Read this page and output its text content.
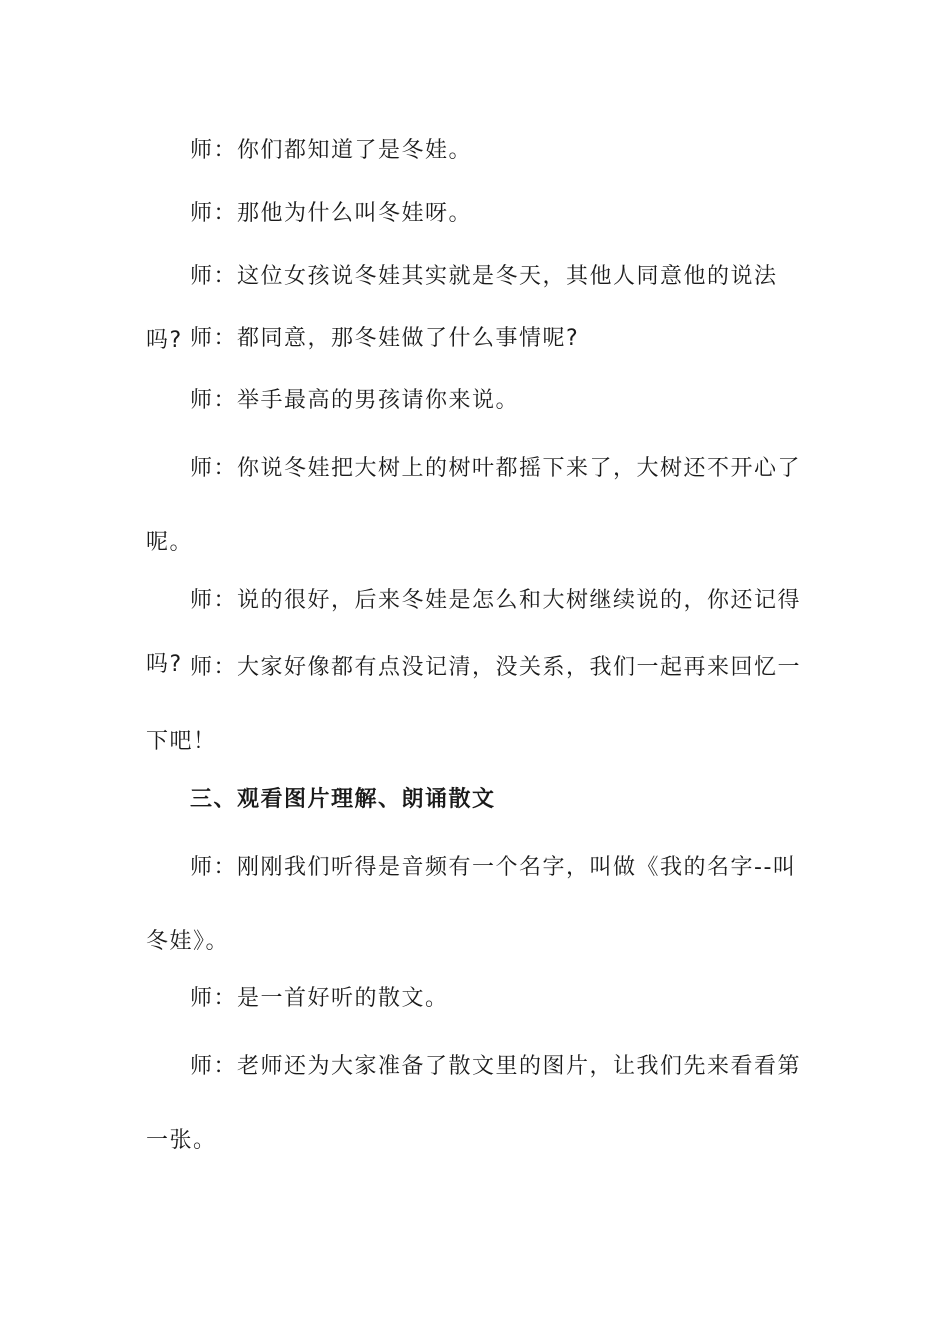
师：你们都知道了是冬娃。

师：那他为什么叫冬娃呀。

师：这位女孩说冬娃其实就是冬天，其他人同意他的说法吗? 师：都同意，那冬娃做了什么事情呢?

师：举手最高的男孩请你来说。

师：你说冬娃把大树上的树叶都摇下来了，大树还不开心了呢。

师：说的很好，后来冬娃是怎么和大树继续说的，你还记得吗? 师：大家好像都有点没记清，没关系，我们一起再来回忆一下吧！

三、观看图片理解、朗诵散文

师：刚刚我们听得是音频有一个名字，叫做《我的名字--叫冬娃》。

师：是一首好听的散文。

师：老师还为大家准备了散文里的图片，让我们先来看看第一张。
